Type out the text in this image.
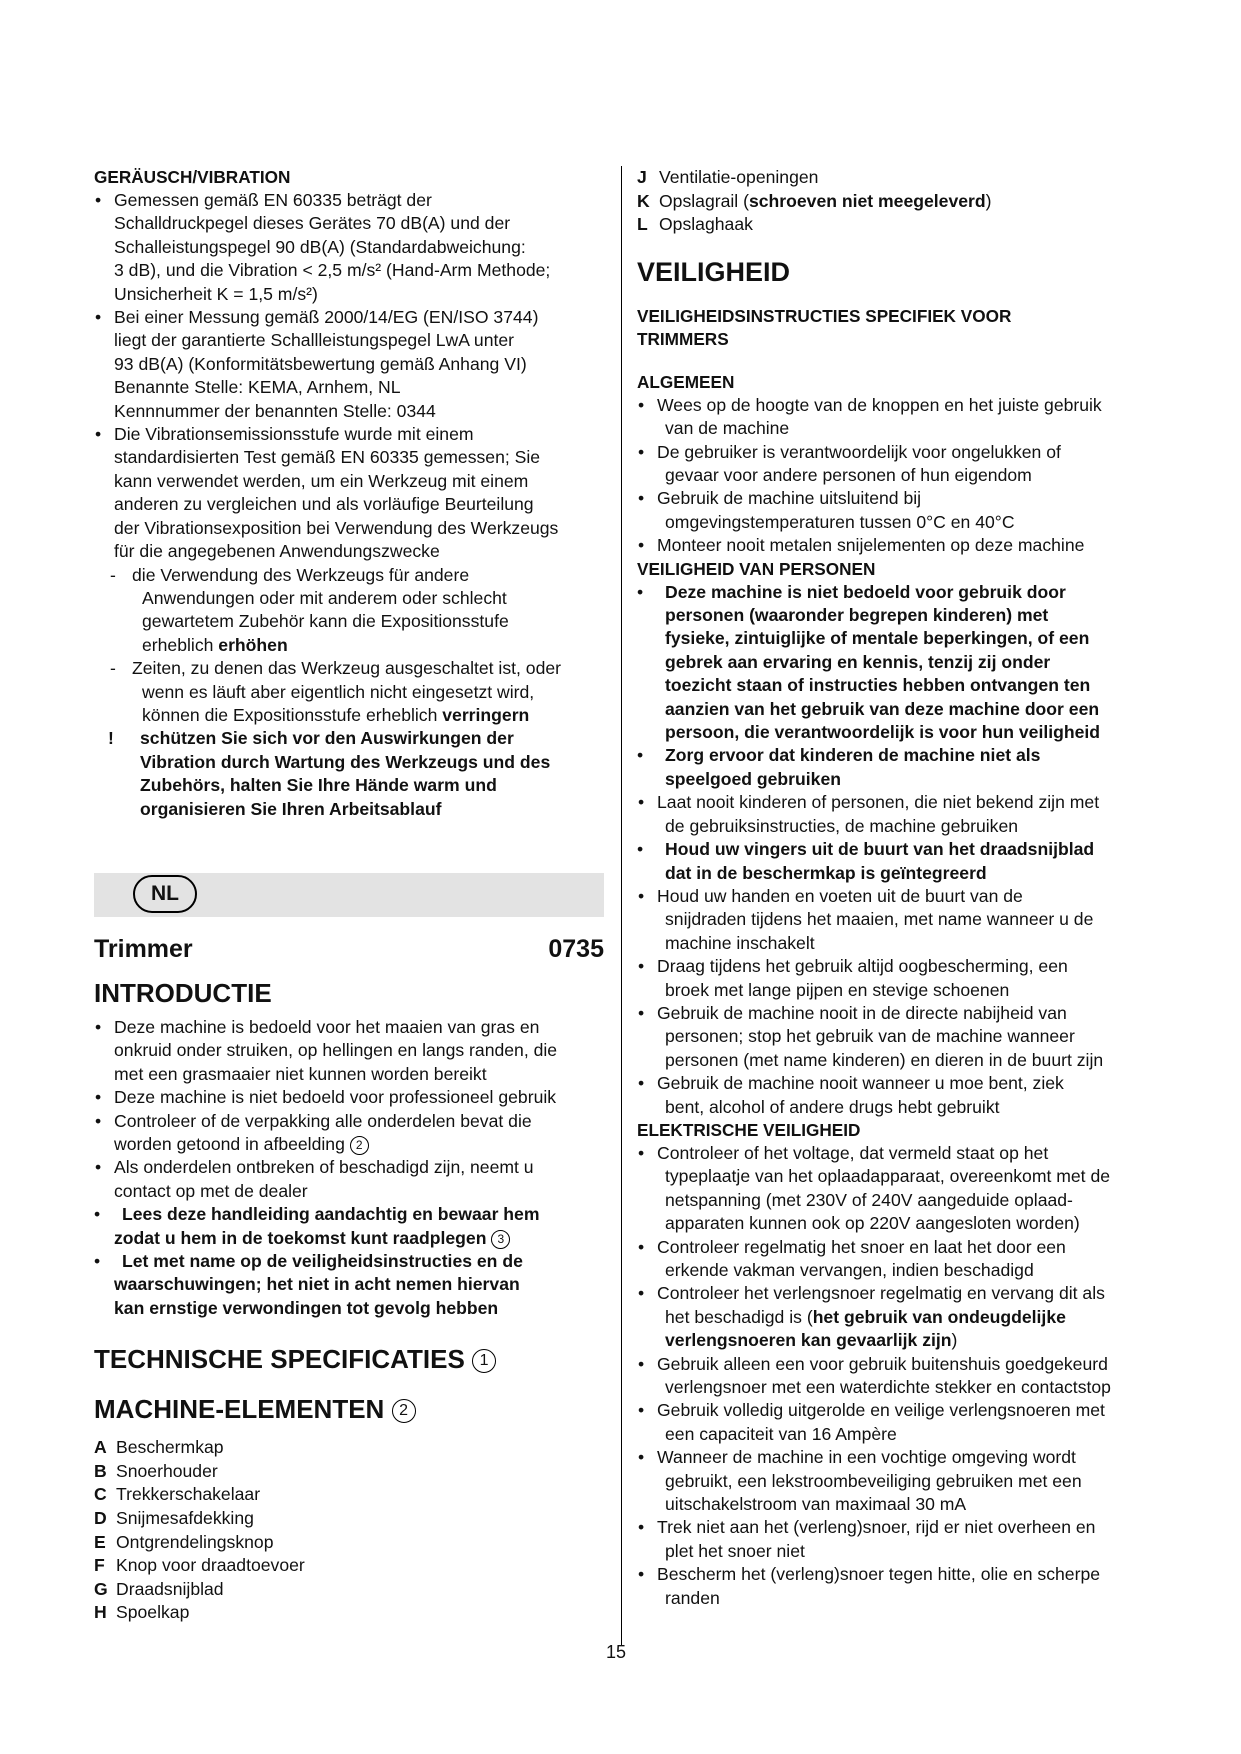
GERÄUSCH/VIBRATION
• Gemessen gemäß EN 60335 beträgt der
Schalldruckpegel dieses Gerätes 70 dB(A) und der
Schalleistungspegel 90 dB(A) (Standardabweichung:
3 dB), und die Vibration < 2,5 m/s² (Hand-Arm Methode;
Unsicherheit K = 1,5 m/s²)
• Bei einer Messung gemäß 2000/14/EG (EN/ISO 3744)
liegt der garantierte Schallleistungspegel LwA unter
93 dB(A) (Konformitätsbewertung gemäß Anhang VI)
Benannte Stelle: KEMA, Arnhem, NL
Kennnummer der benannten Stelle: 0344
• Die Vibrationsemissionsstufe wurde mit einem
standardisierten Test gemäß EN 60335 gemessen; Sie
kann verwendet werden, um ein Werkzeug mit einem
anderen zu vergleichen und als vorläufige Beurteilung
der Vibrationsexposition bei Verwendung des Werkzeugs
für die angegebenen Anwendungszwecke
- die Verwendung des Werkzeugs für andere
Anwendungen oder mit anderem oder schlecht
gewartetem Zubehör kann die Expositionsstufe
erheblich erhöhen
- Zeiten, zu denen das Werkzeug ausgeschaltet ist, oder
wenn es läuft aber eigentlich nicht eingesetzt wird,
können die Expositionsstufe erheblich verringern
! schützen Sie sich vor den Auswirkungen der
Vibration durch Wartung des Werkzeugs und des
Zubehörs, halten Sie Ihre Hände warm und
organisieren Sie Ihren Arbeitsablauf
NL
Trimmer	0735
INTRODUCTIE
• Deze machine is bedoeld voor het maaien van gras en
onkruid onder struiken, op hellingen en langs randen, die
met een grasmaaier niet kunnen worden bereikt
• Deze machine is niet bedoeld voor professioneel gebruik
• Controleer of de verpakking alle onderdelen bevat die
worden getoond in afbeelding 2
• Als onderdelen ontbreken of beschadigd zijn, neemt u
contact op met de dealer
• Lees deze handleiding aandachtig en bewaar hem
zodat u hem in de toekomst kunt raadplegen 3
• Let met name op de veiligheidsinstructies en de
waarschuwingen; het niet in acht nemen hiervan
kan ernstige verwondingen tot gevolg hebben
TECHNISCHE SPECIFICATIES 1
MACHINE-ELEMENTEN 2
A Beschermkap
B Snoerhouder
C Trekkerschakelaar
D Snijmesafdekking
E Ontgrendelingsknop
F Knop voor draadtoevoer
G Draadsnijblad
H Spoelkap
J Ventilatie-openingen
K Opslagrail (schroeven niet meegeleverd)
L Opslaghaak
VEILIGHEID
VEILIGHEIDSINSTRUCTIES SPECIFIEK VOOR
TRIMMERS
ALGEMEEN
• Wees op de hoogte van de knoppen en het juiste gebruik
van de machine
• De gebruiker is verantwoordelijk voor ongelukken of
gevaar voor andere personen of hun eigendom
• Gebruik de machine uitsluitend bij
omgevingstemperaturen tussen 0°C en 40°C
• Monteer nooit metalen snijelementen op deze machine
VEILIGHEID VAN PERSONEN
• Deze machine is niet bedoeld voor gebruik door
personen (waaronder begrepen kinderen) met
fysieke, zintuiglijke of mentale beperkingen, of een
gebrek aan ervaring en kennis, tenzij zij onder
toezicht staan of instructies hebben ontvangen ten
aanzien van het gebruik van deze machine door een
persoon, die verantwoordelijk is voor hun veiligheid
• Zorg ervoor dat kinderen de machine niet als
speelgoed gebruiken
• Laat nooit kinderen of personen, die niet bekend zijn met
de gebruiksinstructies, de machine gebruiken
• Houd uw vingers uit de buurt van het draadsnijblad
dat in de beschermkap is geïntegreerd
• Houd uw handen en voeten uit de buurt van de
snijdraden tijdens het maaien, met name wanneer u de
machine inschakelt
• Draag tijdens het gebruik altijd oogbescherming, een
broek met lange pijpen en stevige schoenen
• Gebruik de machine nooit in de directe nabijheid van
personen; stop het gebruik van de machine wanneer
personen (met name kinderen) en dieren in de buurt zijn
• Gebruik de machine nooit wanneer u moe bent, ziek
bent, alcohol of andere drugs hebt gebruikt
ELEKTRISCHE VEILIGHEID
• Controleer of het voltage, dat vermeld staat op het
typeplaatje van het oplaadapparaat, overeenkomt met de
netspanning (met 230V of 240V aangeduide oplaad-
apparaten kunnen ook op 220V aangesloten worden)
• Controleer regelmatig het snoer en laat het door een
erkende vakman vervangen, indien beschadigd
• Controleer het verlengsnoer regelmatig en vervang dit als
het beschadigd is (het gebruik van ondeugdelijke
verlengsnoeren kan gevaarlijk zijn)
• Gebruik alleen een voor gebruik buitenshuis goedgekeurd
verlengsnoer met een waterdichte stekker en contactstop
• Gebruik volledig uitgerolde en veilige verlengsnoeren met
een capaciteit van 16 Ampère
• Wanneer de machine in een vochtige omgeving wordt
gebruikt, een lekstroombeveiliging gebruiken met een
uitschakelstroom van maximaal 30 mA
• Trek niet aan het (verleng)snoer, rijd er niet overheen en
plet het snoer niet
• Bescherm het (verleng)snoer tegen hitte, olie en scherpe
randen
15
